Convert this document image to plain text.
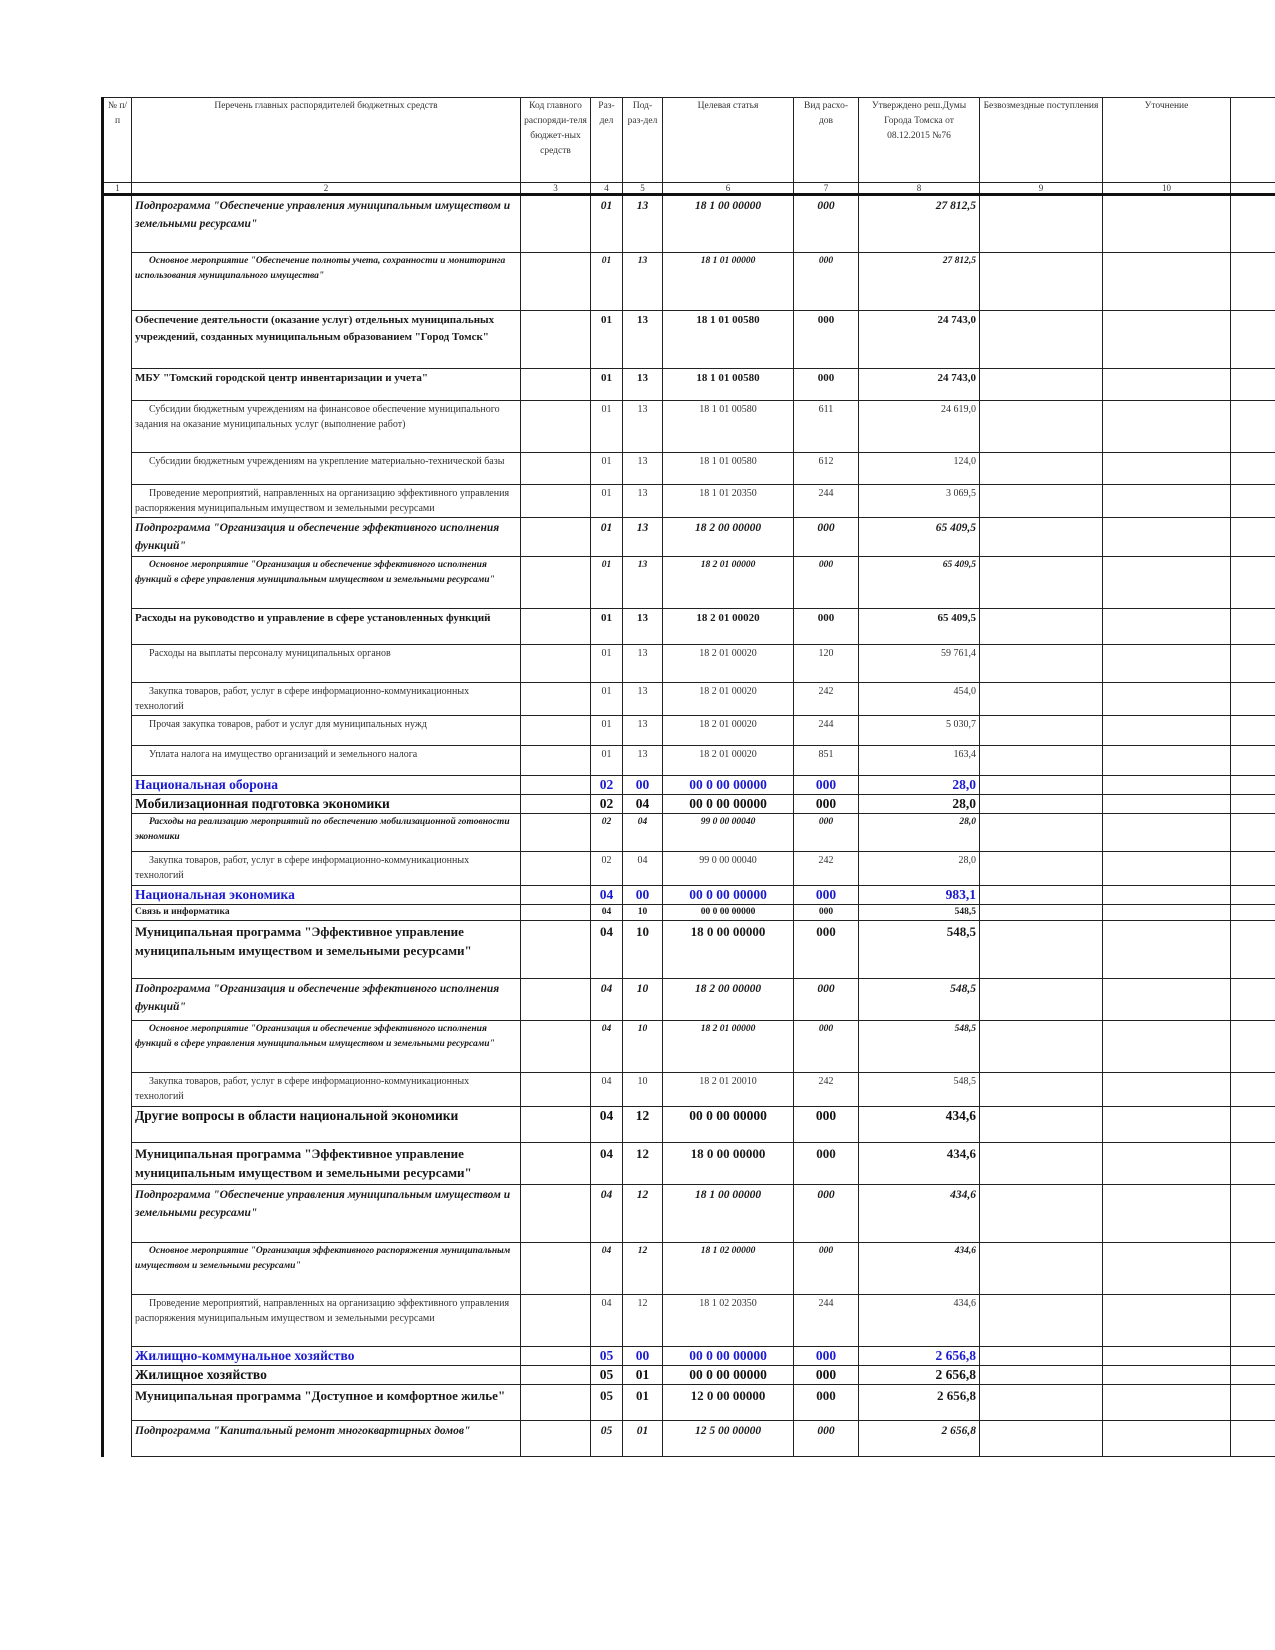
№ п/п	Перечень главных распорядителей бюджетных средств	Код главного распоряди-теля бюджет-ных средств	Раз-дел	Под-раз-дел	Целевая статья	Вид расхо-дов	Утверждено реш.Думы Города Томска от 08.12.2015 №76	Безвозмездные поступления	Уточнение	
1	2	3	4	5	6	7	8	9	10	
	Подпрограмма "Обеспечение управления муниципальным имуществом и земельными ресурсами"		01	13	18 1 00 00000	000	27 812,5			
	Основное мероприятие "Обеспечение полноты учета, сохранности и мониторинга использования муниципального имущества"		01	13	18 1 01 00000	000	27 812,5			
	Обеспечение деятельности (оказание услуг) отдельных муниципальных учреждений, созданных муниципальным образованием "Город Томск"		01	13	18 1 01 00580	000	24 743,0			
	МБУ "Томский городской центр инвентаризации и учета"		01	13	18 1 01 00580	000	24 743,0			
	Субсидии бюджетным учреждениям на финансовое обеспечение муниципального задания на оказание муниципальных услуг (выполнение работ)		01	13	18 1 01 00580	611	24 619,0			
	Субсидии бюджетным учреждениям на укрепление материально-технической базы		01	13	18 1 01 00580	612	124,0			
	Проведение мероприятий, направленных на организацию эффективного управления распоряжения муниципальным имуществом и земельными ресурсами		01	13	18 1 01 20350	244	3 069,5			
	Подпрограмма "Организация и обеспечение эффективного исполнения функций"		01	13	18 2 00 00000	000	65 409,5			
	Основное мероприятие "Организация и обеспечение эффективного исполнения функций в сфере управления муниципальным имуществом и земельными ресурсами"		01	13	18 2 01 00000	000	65 409,5			
	Расходы на руководство и управление в сфере установленных функций		01	13	18 2 01 00020	000	65 409,5			
	Расходы на выплаты персоналу муниципальных органов		01	13	18 2 01 00020	120	59 761,4			
	Закупка товаров, работ, услуг в сфере информационно-коммуникационных технологий		01	13	18 2 01 00020	242	454,0			
	Прочая закупка товаров, работ и услуг для муниципальных нужд		01	13	18 2 01 00020	244	5 030,7			
	Уплата налога на имущество организаций и земельного налога		01	13	18 2 01 00020	851	163,4			
	Национальная оборона		02	00	00 0 00 00000	000	28,0			
	Мобилизационная подготовка экономики		02	04	00 0 00 00000	000	28,0			
	Расходы на реализацию мероприятий по обеспечению мобилизационной готовности экономики		02	04	99 0 00 00040	000	28,0			
	Закупка товаров, работ, услуг в сфере информационно-коммуникационных технологий		02	04	99 0 00 00040	242	28,0			
	Национальная экономика		04	00	00 0 00 00000	000	983,1			
	Связь и информатика		04	10	00 0 00 00000	000	548,5			
	Муниципальная программа "Эффективное управление муниципальным имуществом и земельными ресурсами"		04	10	18 0 00 00000	000	548,5			
	Подпрограмма "Организация и обеспечение эффективного исполнения функций"		04	10	18 2 00 00000	000	548,5			
	Основное мероприятие "Организация и обеспечение эффективного исполнения функций в сфере управления муниципальным имуществом и земельными ресурсами"		04	10	18 2 01 00000	000	548,5			
	Закупка товаров, работ, услуг в сфере информационно-коммуникационных технологий		04	10	18 2 01 20010	242	548,5			
	Другие вопросы в области национальной экономики		04	12	00 0 00 00000	000	434,6			
	Муниципальная программа "Эффективное управление муниципальным имуществом и земельными ресурсами"		04	12	18 0 00 00000	000	434,6			
	Подпрограмма "Обеспечение управления муниципальным имуществом и земельными ресурсами"		04	12	18 1 00 00000	000	434,6			
	Основное мероприятие "Организация эффективного распоряжения муниципальным имуществом и земельными ресурсами"		04	12	18 1 02 00000	000	434,6			
	Проведение мероприятий, направленных на организацию эффективного управления распоряжения муниципальным имуществом и земельными ресурсами		04	12	18 1 02 20350	244	434,6			
	Жилищно-коммунальное хозяйство		05	00	00 0 00 00000	000	2 656,8			
	Жилищное хозяйство		05	01	00 0 00 00000	000	2 656,8			
	Муниципальная программа "Доступное и комфортное жилье"		05	01	12 0 00 00000	000	2 656,8			
	Подпрограмма "Капитальный ремонт многоквартирных домов"		05	01	12 5 00 00000	000	2 656,8			
